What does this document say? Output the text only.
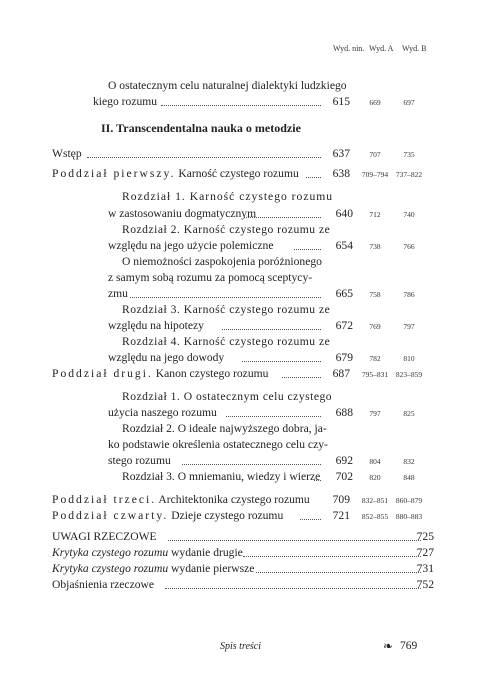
Wyd. nin. Wyd. A Wyd. B
O ostatecznym celu naturalnej dialektyki ludzkiego
kiego rozumu	615	669	697
II. Transcendentalna nauka o metodzie
Wstęp	637	707	735
Poddział pierwszy. Karność czystego rozumu	638	709–794	737–822
Rozdział 1. Karność czystego rozumu
w zastosowaniu dogmatycznym	640	712	740
Rozdział 2. Karność czystego rozumu ze
względu na jego użycie polemiczne	654	738	766
O niemożności zaspokojenia poróżnionego
z samym sobą rozumu za pomocą sceptycy-
zmu	665	758	786
Rozdział 3. Karność czystego rozumu ze
względu na hipotezy	672	769	797
Rozdział 4. Karność czystego rozumu ze
względu na jego dowody	679	782	810
Poddział drugi. Kanon czystego rozumu	687	795–831	823–859
Rozdział 1. O ostatecznym celu czystego
użycia naszego rozumu	688	797	825
Rozdział 2. O ideale najwyższego dobra, ja-
ko podstawie określenia ostatecznego celu czy-
stego rozumu	692	804	832
Rozdział 3. O mniemaniu, wiedzy i wierze	702	820	848
Poddział trzeci. Architektonika czystego rozumu	709	832–851	860–879
Poddział czwarty. Dzieje czystego rozumu	721	852–855	880–883
UWAGI RZECZOWE	725
Krytyka czystego rozumu wydanie drugie	727
Krytyka czystego rozumu wydanie pierwsze	731
Objaśnienia rzeczowe	752
Spis treści	❧ 769
